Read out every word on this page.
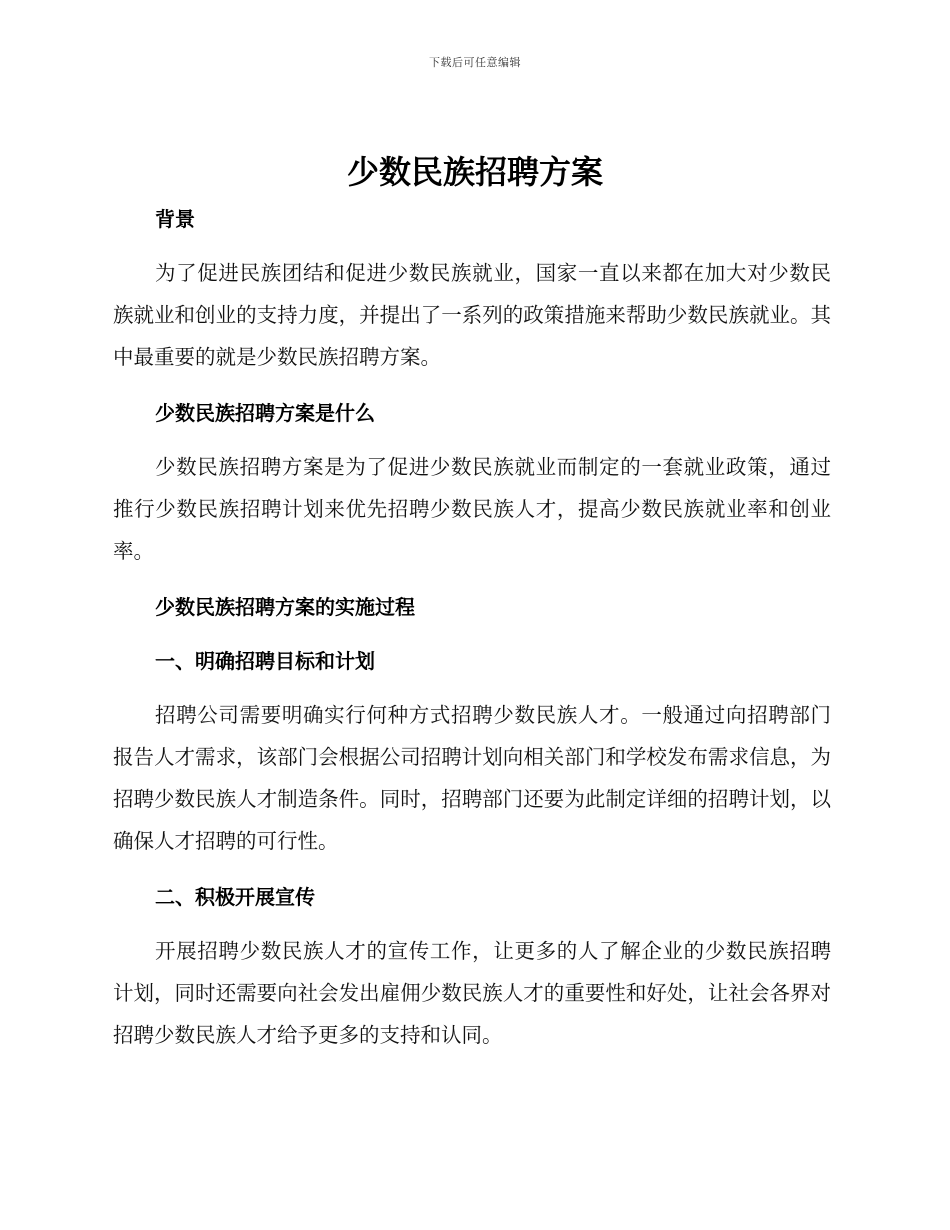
下载后可任意编辑
少数民族招聘方案
背景

为了促进民族团结和促进少数民族就业，国家一直以来都在加大对少数民族就业和创业的支持力度，并提出了一系列的政策措施来帮助少数民族就业。其中最重要的就是少数民族招聘方案。

少数民族招聘方案是什么

少数民族招聘方案是为了促进少数民族就业而制定的一套就业政策，通过推行少数民族招聘计划来优先招聘少数民族人才，提高少数民族就业率和创业率。

少数民族招聘方案的实施过程
一、明确招聘目标和计划

招聘公司需要明确实行何种方式招聘少数民族人才。一般通过向招聘部门报告人才需求，该部门会根据公司招聘计划向相关部门和学校发布需求信息，为招聘少数民族人才制造条件。同时，招聘部门还要为此制定详细的招聘计划，以确保人才招聘的可行性。

二、积极开展宣传

开展招聘少数民族人才的宣传工作，让更多的人了解企业的少数民族招聘计划，同时还需要向社会发出雇佣少数民族人才的重要性和好处，让社会各界对招聘少数民族人才给予更多的支持和认同。
